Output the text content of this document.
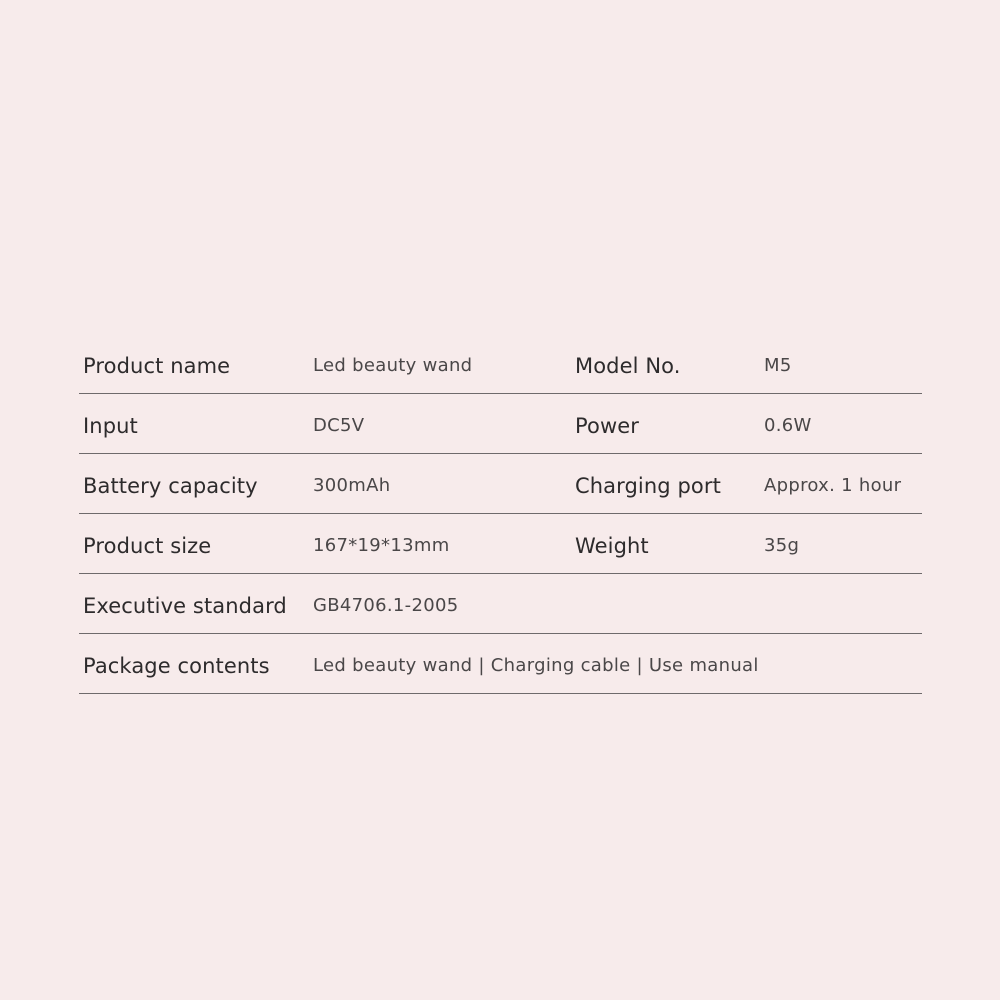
Product name	Led beauty wand	Model No.	M5
Input	DC5V	Power	0.6W
Battery capacity	300mAh	Charging port Approx. 1 hour
Product size	167*19*13mm	Weight	35g
Executive standard GB4706.1-2005
Package contents Led beauty wand | Charging cable | Use manual
